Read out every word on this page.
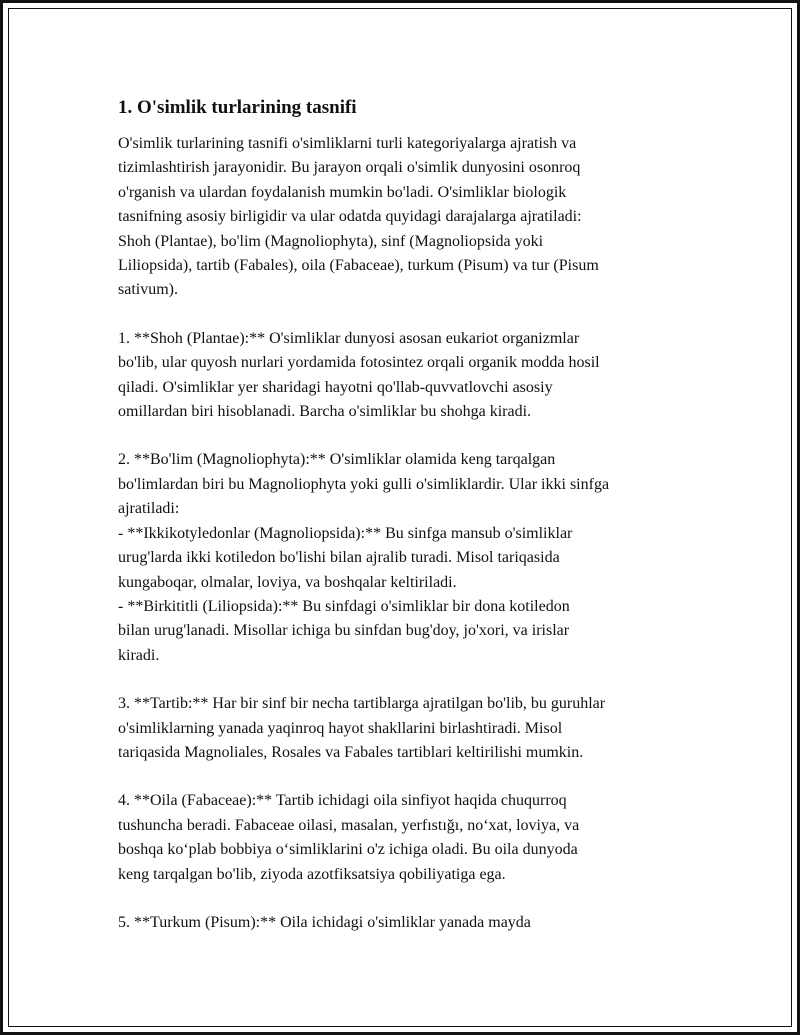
1. O'simlik turlarining tasnifi

O'simlik turlarining tasnifi o'simliklarni turli kategoriyalarga ajratish va
tizimlashtirish jarayonidir. Bu jarayon orqali o'simlik dunyosini osonroq
o'rganish va ulardan foydalanish mumkin bo'ladi. O'simliklar biologik
tasnifning asosiy birligidir va ular odatda quyidagi darajalarga ajratiladi:
Shoh (Plantae), bo'lim (Magnoliophyta), sinf (Magnoliopsida yoki
Liliopsida), tartib (Fabales), oila (Fabaceae), turkum (Pisum) va tur (Pisum
sativum).

1. **Shoh (Plantae):** O'simliklar dunyosi asosan eukariot organizmlar
bo'lib, ular quyosh nurlari yordamida fotosintez orqali organik modda hosil
qiladi. O'simliklar yer sharidagi hayotni qo'llab-quvvatlovchi asosiy
omillardan biri hisoblanadi. Barcha o'simliklar bu shohga kiradi.

2. **Bo'lim (Magnoliophyta):** O'simliklar olamida keng tarqalgan
bo'limlardan biri bu Magnoliophyta yoki gulli o'simliklardir. Ular ikki sinfga
ajratiladi:
- **Ikkikotyledonlar (Magnoliopsida):** Bu sinfga mansub o'simliklar
urug'larda ikki kotiledon bo'lishi bilan ajralib turadi. Misol tariqasida
kungaboqar, olmalar, loviya, va boshqalar keltiriladi.
- **Birkititli (Liliopsida):** Bu sinfdagi o'simliklar bir dona kotiledon
bilan urug'lanadi. Misollar ichiga bu sinfdan bug'doy, jo'xori, va irislar
kiradi.

3. **Tartib:** Har bir sinf bir necha tartiblarga ajratilgan bo'lib, bu guruhlar
o'simliklarning yanada yaqinroq hayot shakllarini birlashtiradi. Misol
tariqasida Magnoliales, Rosales va Fabales tartiblari keltirilishi mumkin.

4. **Oila (Fabaceae):** Tartib ichidagi oila sinfiyot haqida chuqurroq
tushuncha beradi. Fabaceae oilasi, masalan, yerfıstığı, no‘xat, loviya, va
boshqa ko‘plab bobbiya o‘simliklarini o'z ichiga oladi. Bu oila dunyoda
keng tarqalgan bo'lib, ziyoda azotfiksatsiya qobiliyatiga ega.

5. **Turkum (Pisum):** Oila ichidagi o'simliklar yanada mayda
